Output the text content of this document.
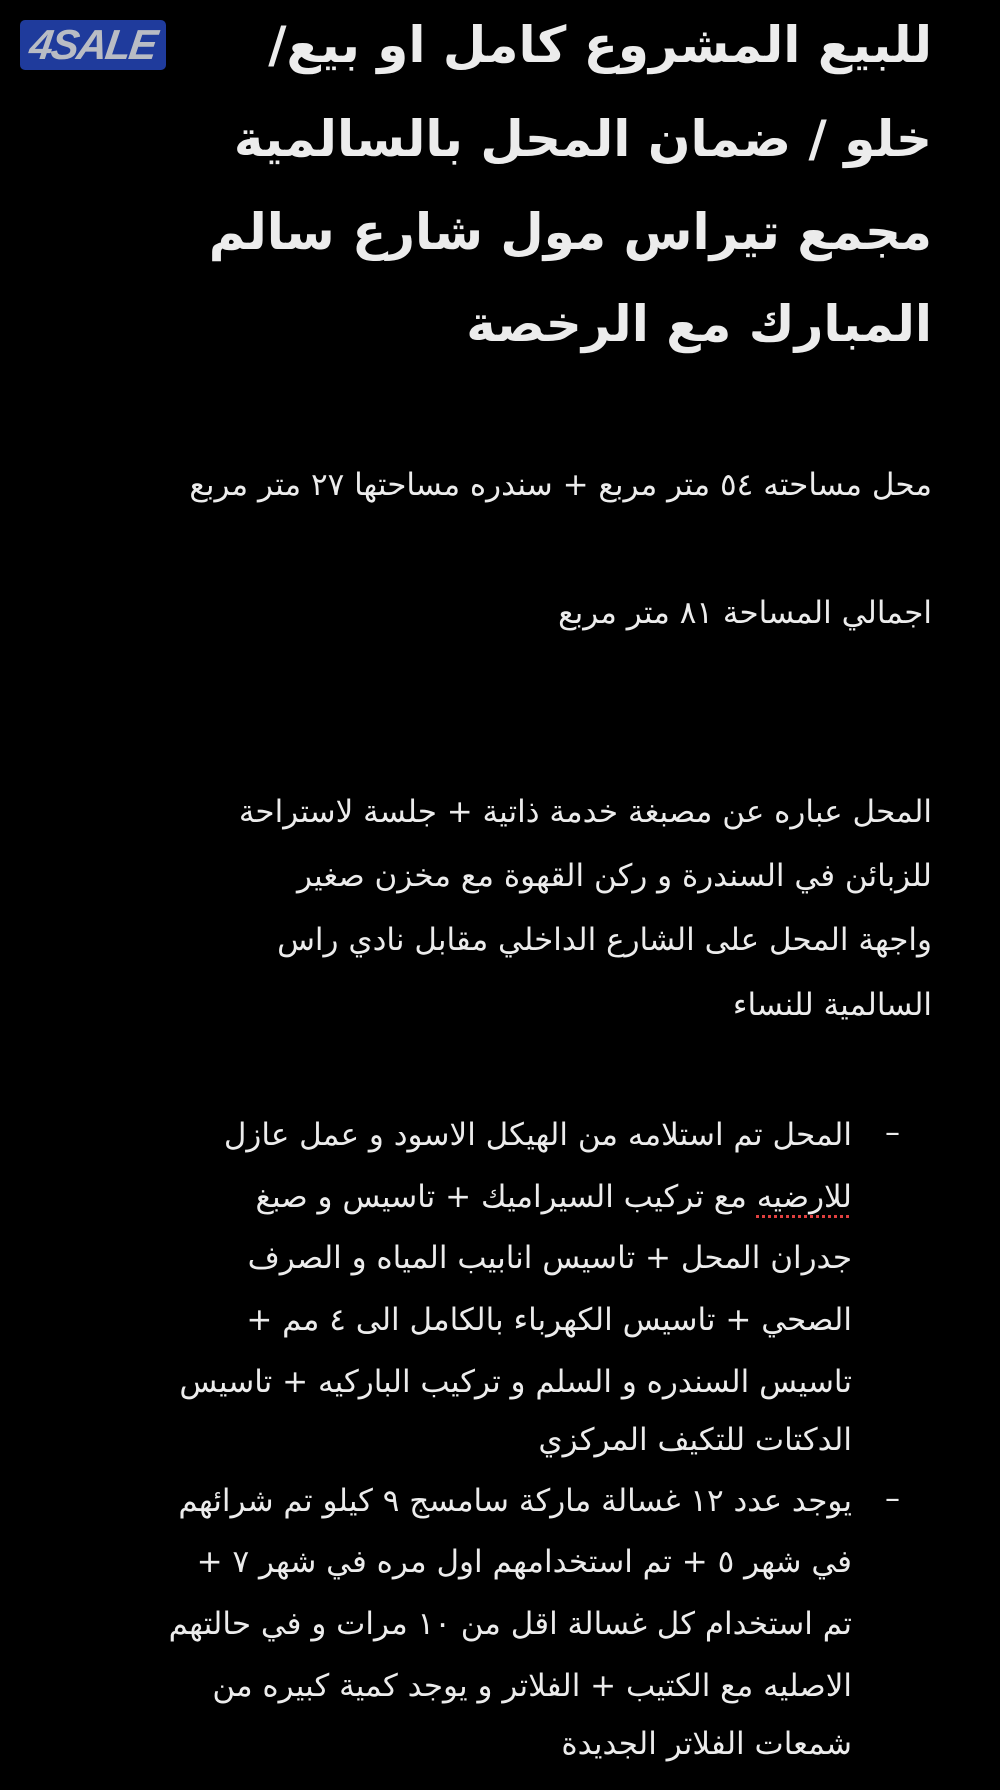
4SALE للبيع المشروع كامل او بيع/
خلو / ضمان المحل بالسالمية
مجمع تيراس مول شارع سالم
المبارك مع الرخصة
محل مساحته ٥٤ متر مربع + سندره مساحتها ٢٧ متر مربع
اجمالي المساحة ٨١ متر مربع
المحل عباره عن مصبغة خدمة ذاتية + جلسة لاستراحة
للزبائن في السندرة و ركن القهوة مع مخزن صغير
واجهة المحل على الشارع الداخلي مقابل نادي راس
السالمية للنساء
–
المحل تم استلامه من الهيكل الاسود و عمل عازل
للارضيه مع تركيب السيراميك + تاسيس و صبغ
جدران المحل + تاسيس انابيب المياه و الصرف
الصحي + تاسيس الكهرباء بالكامل الى ٤ مم +
تاسيس السندره و السلم و تركيب الباركيه + تاسيس
الدكتات للتكيف المركزي
–
يوجد عدد ١٢ غسالة ماركة سامسج ٩ كيلو تم شرائهم
في شهر ٥ + تم استخدامهم اول مره في شهر ٧ +
تم استخدام كل غسالة اقل من ١٠ مرات و في حالتهم
الاصليه مع الكتيب + الفلاتر و يوجد كمية كبيره من
شمعات الفلاتر الجديدة
